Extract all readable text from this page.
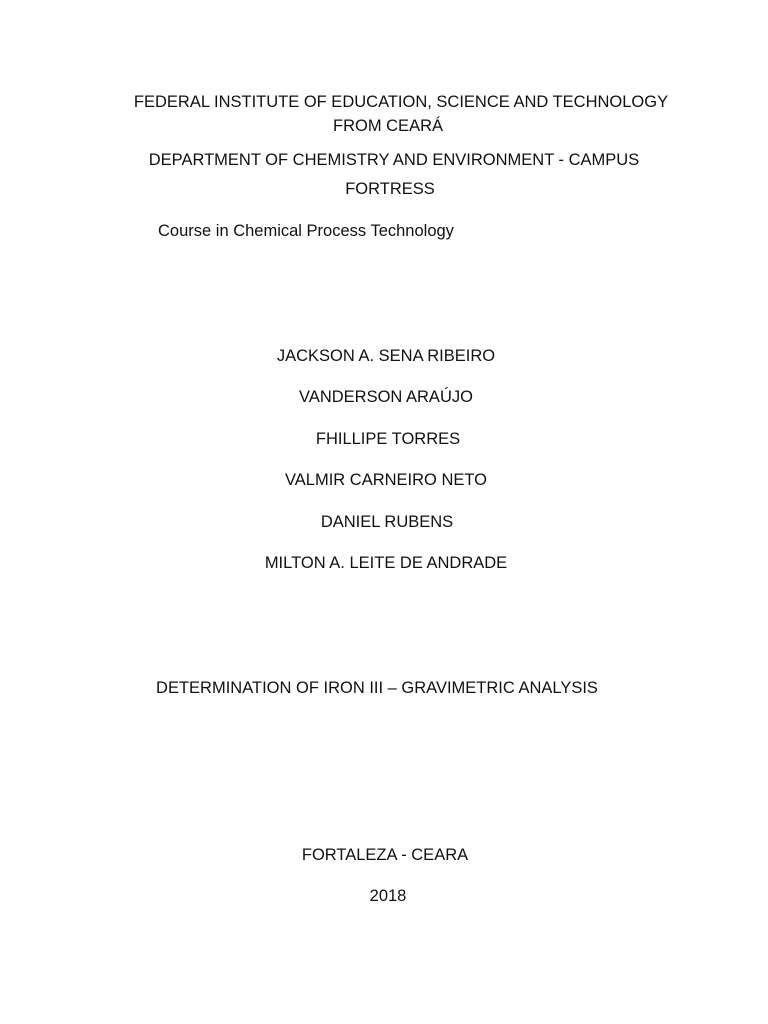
FEDERAL INSTITUTE OF EDUCATION, SCIENCE AND TECHNOLOGY
FROM CEARÁ
DEPARTMENT OF CHEMISTRY AND ENVIRONMENT - CAMPUS
FORTRESS
Course in Chemical Process Technology
JACKSON A. SENA RIBEIRO
VANDERSON ARAÚJO
FHILLIPE TORRES
VALMIR CARNEIRO NETO
DANIEL RUBENS
MILTON A. LEITE DE ANDRADE
DETERMINATION OF IRON III – GRAVIMETRIC ANALYSIS
FORTALEZA - CEARA
2018
